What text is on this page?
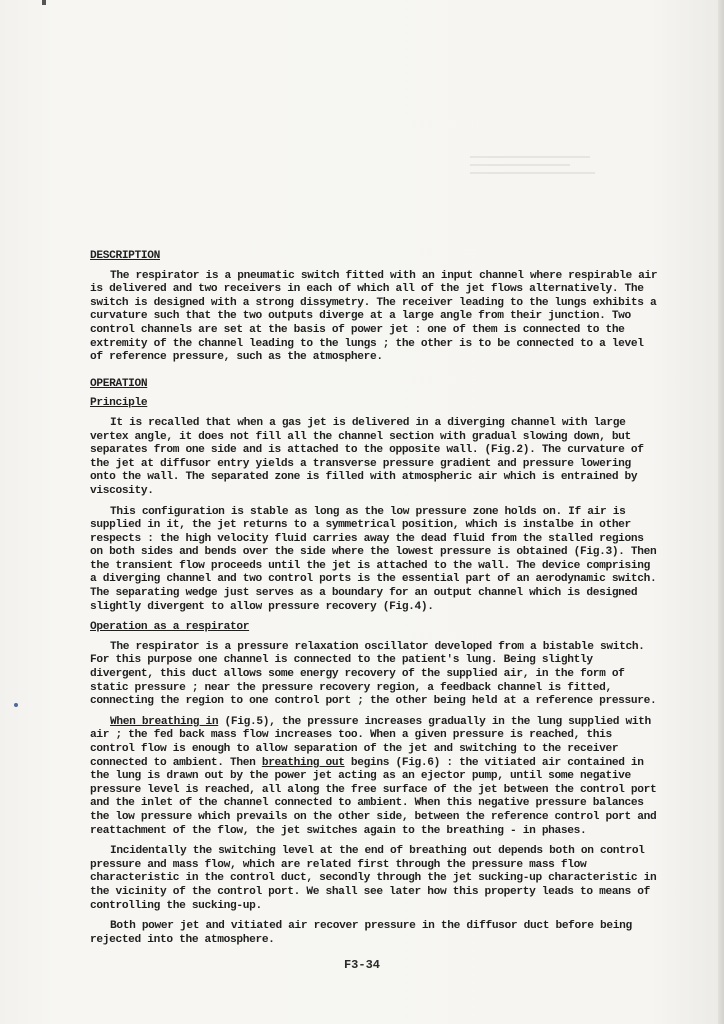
DESCRIPTION

The respirator is a pneumatic switch fitted with an input channel where respirable air is delivered and two receivers in each of which all of the jet flows alternatively. The switch is designed with a strong dissymetry. The receiver leading to the lungs exhibits a curvature such that the two outputs diverge at a large angle from their junction. Two control channels are set at the basis of power jet : one of them is connected to the extremity of the channel leading to the lungs ; the other is to be connected to a level of reference pressure, such as the atmosphere.

OPERATION
Principle

It is recalled that when a gas jet is delivered in a diverging channel with large vertex angle, it does not fill all the channel section with gradual slowing down, but separates from one side and is attached to the opposite wall. (Fig.2). The curvature of the jet at diffusor entry yields a transverse pressure gradient and pressure lowering onto the wall. The separated zone is filled with atmospheric air which is entrained by viscosity.

This configuration is stable as long as the low pressure zone holds on. If air is supplied in it, the jet returns to a symmetrical position, which is instalbe in other respects : the high velocity fluid carries away the dead fluid from the stalled regions on both sides and bends over the side where the lowest pressure is obtained (Fig.3). Then the transient flow proceeds until the jet is attached to the wall. The device comprising a diverging channel and two control ports is the essential part of an aerodynamic switch. The separating wedge just serves as a boundary for an output channel which is designed slightly divergent to allow pressure recovery (Fig.4).

Operation as a respirator

The respirator is a pressure relaxation oscillator developed from a bistable switch. For this purpose one channel is connected to the patient's lung. Being slightly divergent, this duct allows some energy recovery of the supplied air, in the form of static pressure ; near the pressure recovery region, a feedback channel is fitted, connecting the region to one control port ; the other being held at a reference pressure.

When breathing in (Fig.5), the pressure increases gradually in the lung supplied with air ; the fed back mass flow increases too. When a given pressure is reached, this control flow is enough to allow separation of the jet and switching to the receiver connected to ambient. Then breathing out begins (Fig.6) : the vitiated air contained in the lung is drawn out by the power jet acting as an ejector pump, until some negative pressure level is reached, all along the free surface of the jet between the control port and the inlet of the channel connected to ambient. When this negative pressure balances the low pressure which prevails on the other side, between the reference control port and reattachment of the flow, the jet switches again to the breathing - in phases.

Incidentally the switching level at the end of breathing out depends both on control pressure and mass flow, which are related first through the pressure mass flow characteristic in the control duct, secondly through the jet sucking-up characteristic in the vicinity of the control port. We shall see later how this property leads to means of controlling the sucking-up.

Both power jet and vitiated air recover pressure in the diffusor duct before being rejected into the atmosphere.

F3-34
